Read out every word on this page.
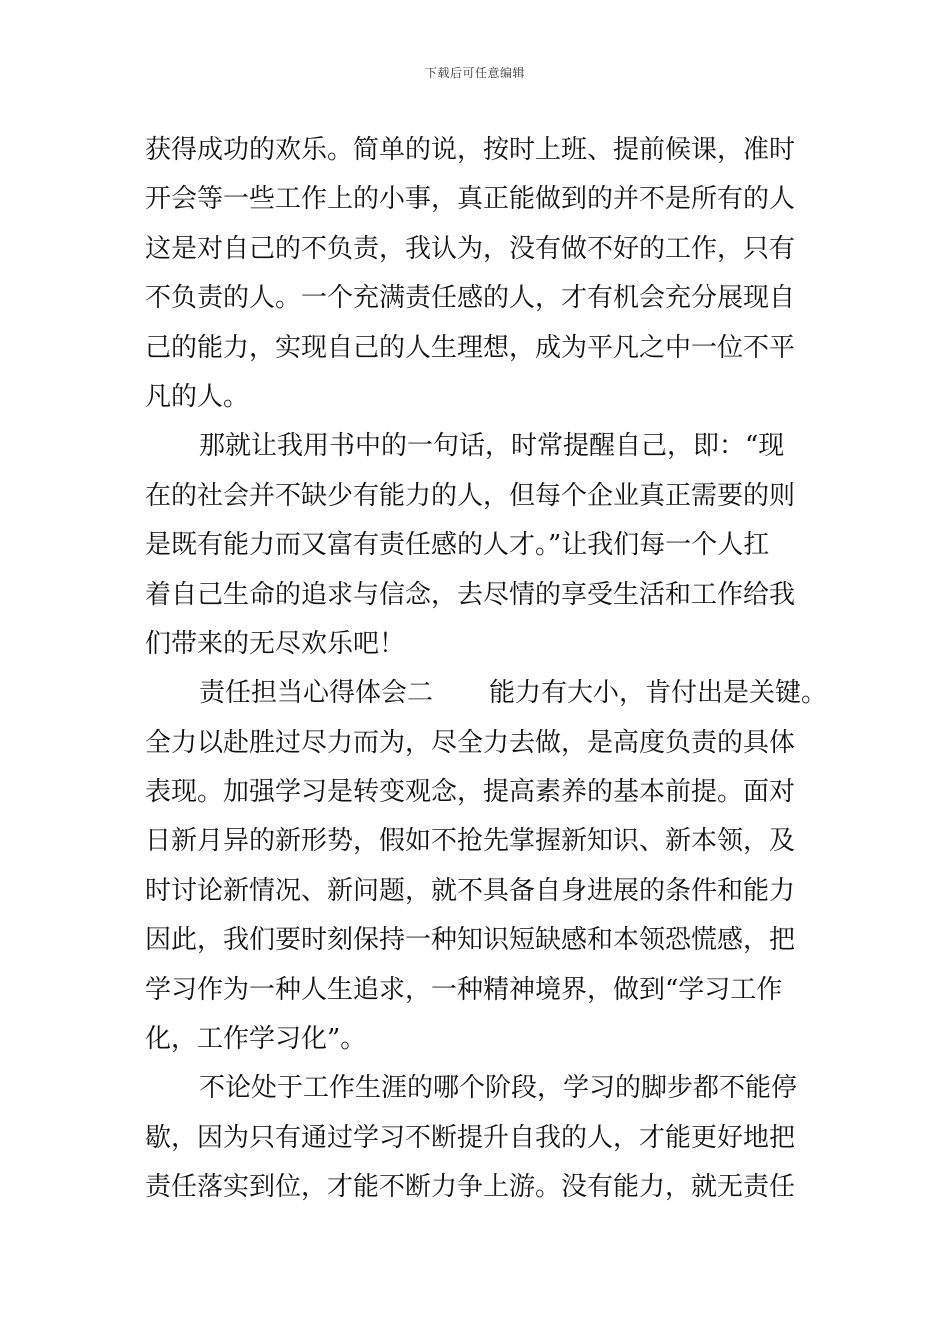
下载后可任意编辑
获得成功的欢乐。简单的说，按时上班、提前候课，准时
开会等一些工作上的小事，真正能做到的并不是所有的人
这是对自己的不负责，我认为，没有做不好的工作，只有
不负责的人。一个充满责任感的人，才有机会充分展现自
己的能力，实现自己的人生理想，成为平凡之中一位不平
凡的人。
那就让我用书中的一句话，时常提醒自己，即：“现
在的社会并不缺少有能力的人，但每个企业真正需要的则
是既有能力而又富有责任感的人才。”让我们每一个人扛
着自己生命的追求与信念，去尽情的享受生活和工作给我
们带来的无尽欢乐吧！
责任担当心得体会二 能力有大小，肯付出是关键。
全力以赴胜过尽力而为，尽全力去做，是高度负责的具体
表现。加强学习是转变观念，提高素养的基本前提。面对
日新月异的新形势，假如不抢先掌握新知识、新本领，及
时讨论新情况、新问题，就不具备自身进展的条件和能力
因此，我们要时刻保持一种知识短缺感和本领恐慌感，把
学习作为一种人生追求，一种精神境界，做到“学习工作
化，工作学习化”。
不论处于工作生涯的哪个阶段，学习的脚步都不能停
歇，因为只有通过学习不断提升自我的人，才能更好地把
责任落实到位，才能不断力争上游。没有能力，就无责任
